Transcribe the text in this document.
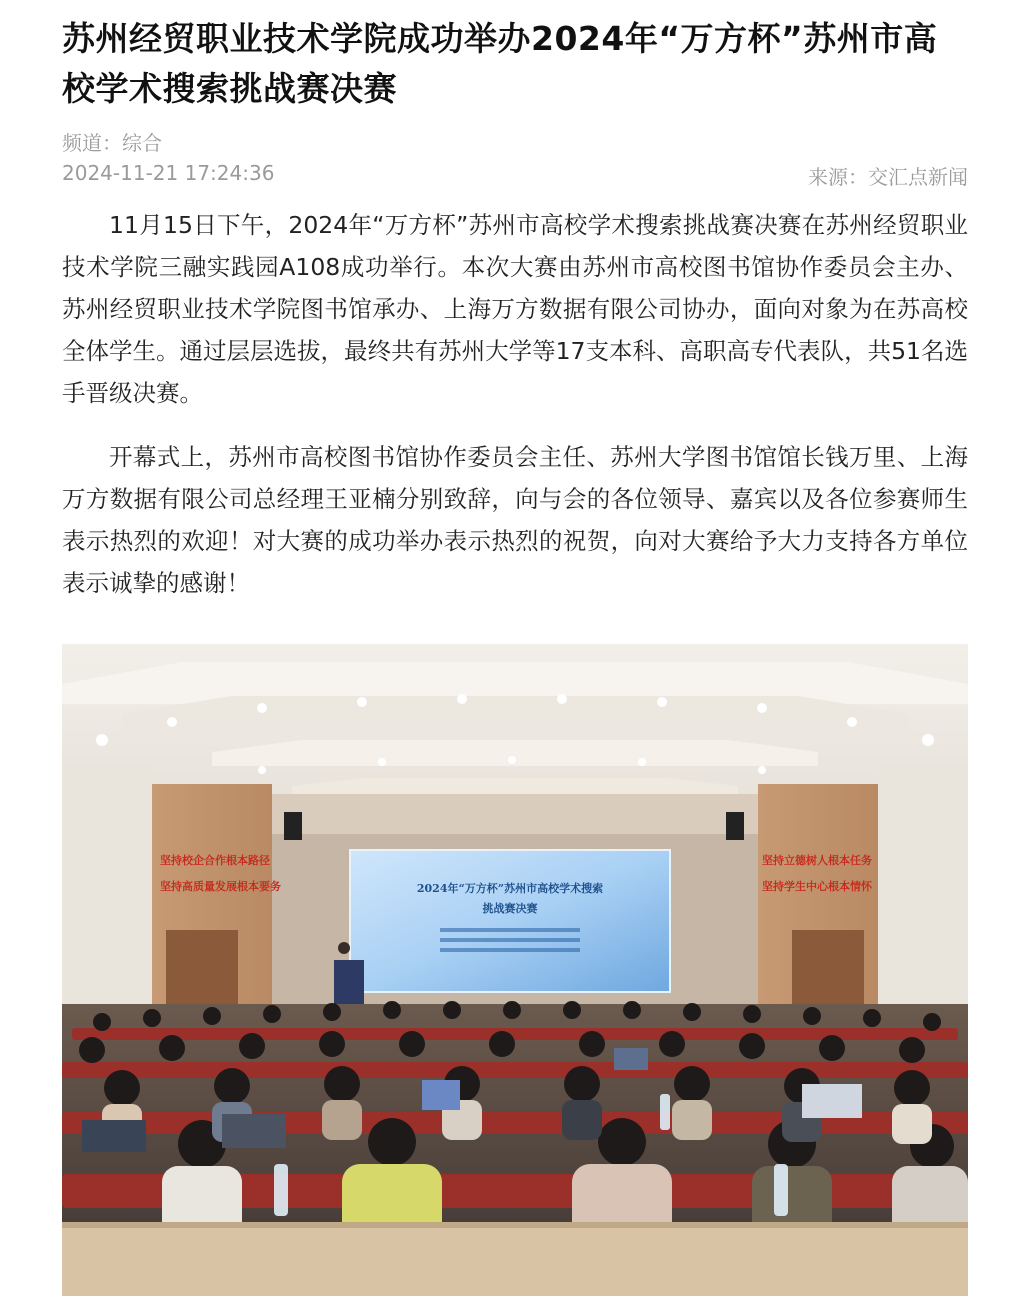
苏州经贸职业技术学院成功举办2024年“万方杯”苏州市高校学术搜索挑战赛决赛
频道：综合
2024-11-21 17:24:36	来源：交汇点新闻

11月15日下午，2024年“万方杯”苏州市高校学术搜索挑战赛决赛在苏州经贸职业技术学院三融实践园A108成功举行。本次大赛由苏州市高校图书馆协作委员会主办、苏州经贸职业技术学院图书馆承办、上海万方数据有限公司协办，面向对象为在苏高校全体学生。通过层层选拔，最终共有苏州大学等17支本科、高职高专代表队，共51名选手晋级决赛。

开幕式上，苏州市高校图书馆协作委员会主任、苏州大学图书馆馆长钱万里、上海万方数据有限公司总经理王亚楠分别致辞，向与会的各位领导、嘉宾以及各位参赛师生表示热烈的欢迎！对大赛的成功举办表示热烈的祝贺，向对大赛给予大力支持各方单位表示诚挚的感谢！

坚持校企合作根本路径
坚持高质量发展根本要务
坚持立德树人根本任务
坚持学生中心根本情怀
2024年“万方杯”苏州市高校学术搜索
挑战赛决赛
